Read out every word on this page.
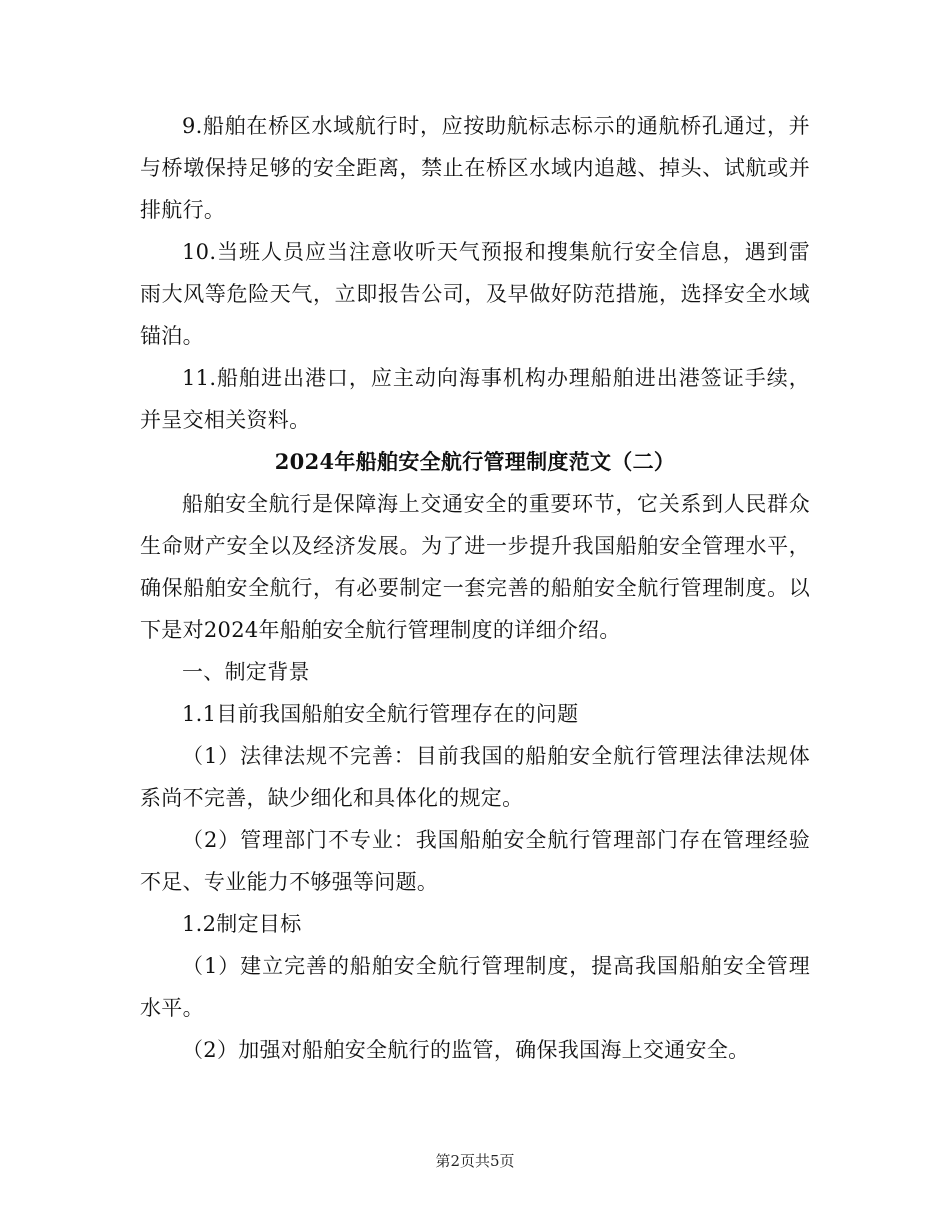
9.船舶在桥区水域航行时，应按助航标志标示的通航桥孔通过，并与桥墩保持足够的安全距离，禁止在桥区水域内追越、掉头、试航或并排航行。

10.当班人员应当注意收听天气预报和搜集航行安全信息，遇到雷雨大风等危险天气，立即报告公司，及早做好防范措施，选择安全水域锚泊。

11.船舶进出港口，应主动向海事机构办理船舶进出港签证手续，并呈交相关资料。

2024年船舶安全航行管理制度范文（二）

船舶安全航行是保障海上交通安全的重要环节，它关系到人民群众生命财产安全以及经济发展。为了进一步提升我国船舶安全管理水平，确保船舶安全航行，有必要制定一套完善的船舶安全航行管理制度。以下是对2024年船舶安全航行管理制度的详细介绍。

一、制定背景

1.1目前我国船舶安全航行管理存在的问题

（1）法律法规不完善：目前我国的船舶安全航行管理法律法规体系尚不完善，缺少细化和具体化的规定。

（2）管理部门不专业：我国船舶安全航行管理部门存在管理经验不足、专业能力不够强等问题。

1.2制定目标

（1）建立完善的船舶安全航行管理制度，提高我国船舶安全管理水平。

（2）加强对船舶安全航行的监管，确保我国海上交通安全。

第2页共5页
